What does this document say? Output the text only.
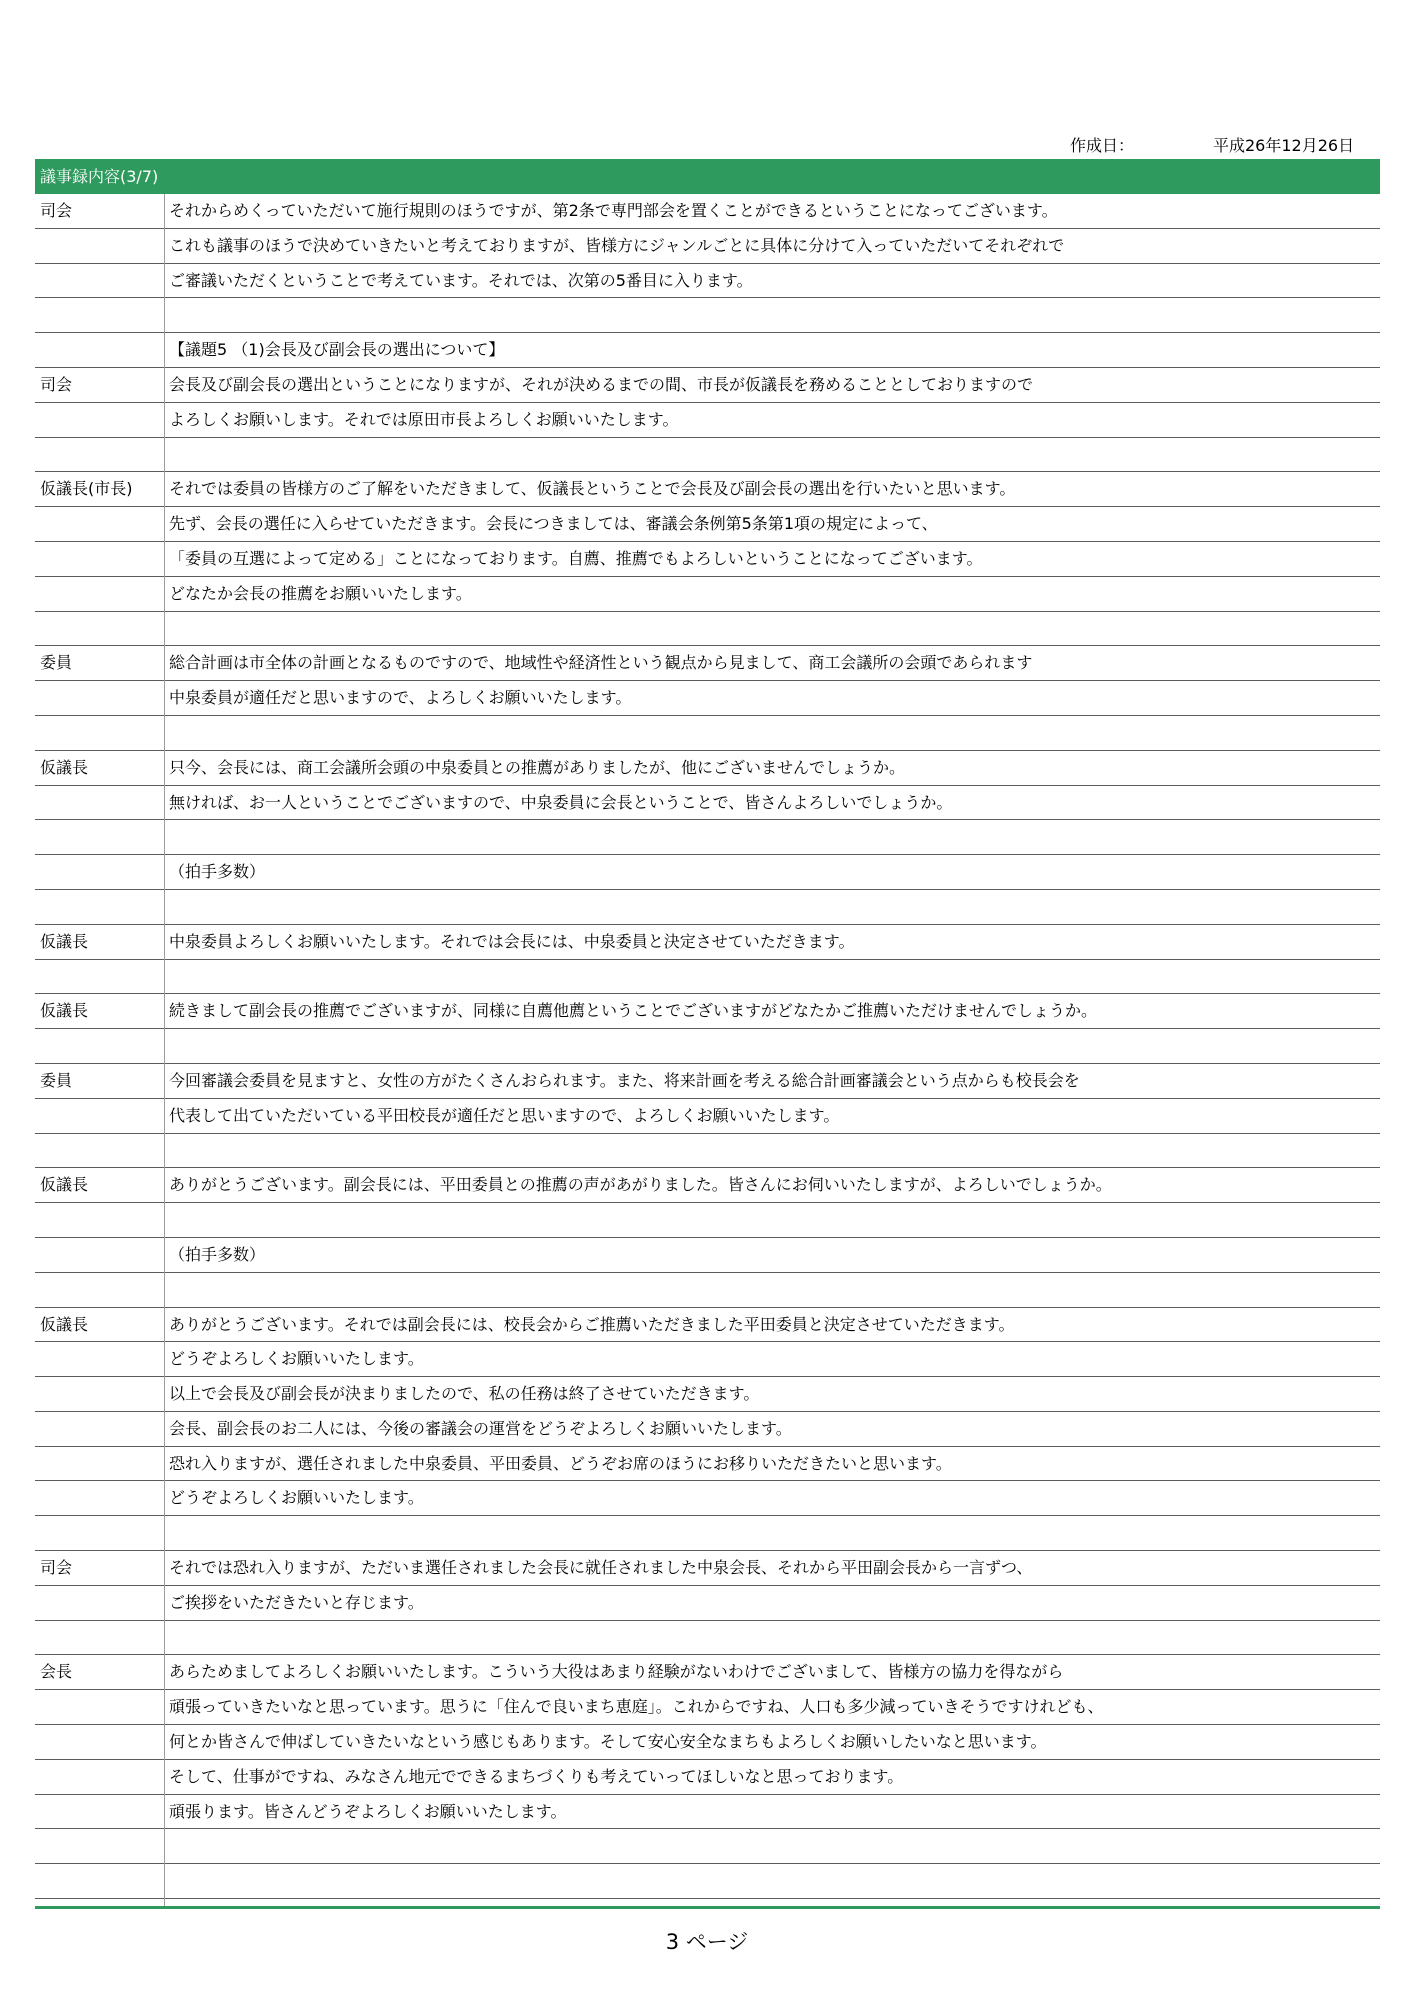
作成日：	平成26年12月26日
議事録内容(3/7)
司会	それからめくっていただいて施行規則のほうですが、第2条で専門部会を置くことができるということになってございます。
これも議事のほうで決めていきたいと考えておりますが、皆様方にジャンルごとに具体に分けて入っていただいてそれぞれで
ご審議いただくということで考えています。それでは、次第の5番目に入ります。
【議題5 （1)会長及び副会長の選出について】
司会	会長及び副会長の選出ということになりますが、それが決めるまでの間、市長が仮議長を務めることとしておりますので
よろしくお願いします。それでは原田市長よろしくお願いいたします。
仮議長(市長)	それでは委員の皆様方のご了解をいただきまして、仮議長ということで会長及び副会長の選出を行いたいと思います。
先ず、会長の選任に入らせていただきます。会長につきましては、審議会条例第5条第1項の規定によって、
「委員の互選によって定める」ことになっております。自薦、推薦でもよろしいということになってございます。
どなたか会長の推薦をお願いいたします。
委員	総合計画は市全体の計画となるものですので、地域性や経済性という観点から見まして、商工会議所の会頭であられます
中泉委員が適任だと思いますので、よろしくお願いいたします。
仮議長	只今、会長には、商工会議所会頭の中泉委員との推薦がありましたが、他にございませんでしょうか。
無ければ、お一人ということでございますので、中泉委員に会長ということで、皆さんよろしいでしょうか。
（拍手多数）
仮議長	中泉委員よろしくお願いいたします。それでは会長には、中泉委員と決定させていただきます。
仮議長	続きまして副会長の推薦でございますが、同様に自薦他薦ということでございますがどなたかご推薦いただけませんでしょうか。
委員	今回審議会委員を見ますと、女性の方がたくさんおられます。また、将来計画を考える総合計画審議会という点からも校長会を
代表して出ていただいている平田校長が適任だと思いますので、よろしくお願いいたします。
仮議長	ありがとうございます。副会長には、平田委員との推薦の声があがりました。皆さんにお伺いいたしますが、よろしいでしょうか。
（拍手多数）
仮議長	ありがとうございます。それでは副会長には、校長会からご推薦いただきました平田委員と決定させていただきます。
どうぞよろしくお願いいたします。
以上で会長及び副会長が決まりましたので、私の任務は終了させていただきます。
会長、副会長のお二人には、今後の審議会の運営をどうぞよろしくお願いいたします。
恐れ入りますが、選任されました中泉委員、平田委員、どうぞお席のほうにお移りいただきたいと思います。
どうぞよろしくお願いいたします。
司会	それでは恐れ入りますが、ただいま選任されました会長に就任されました中泉会長、それから平田副会長から一言ずつ、
ご挨拶をいただきたいと存じます。
会長	あらためましてよろしくお願いいたします。こういう大役はあまり経験がないわけでございまして、皆様方の協力を得ながら
頑張っていきたいなと思っています。思うに「住んで良いまち恵庭」。これからですね、人口も多少減っていきそうですけれども、
何とか皆さんで伸ばしていきたいなという感じもあります。そして安心安全なまちもよろしくお願いしたいなと思います。
そして、仕事がですね、みなさん地元でできるまちづくりも考えていってほしいなと思っております。
頑張ります。皆さんどうぞよろしくお願いいたします。
3 ページ
